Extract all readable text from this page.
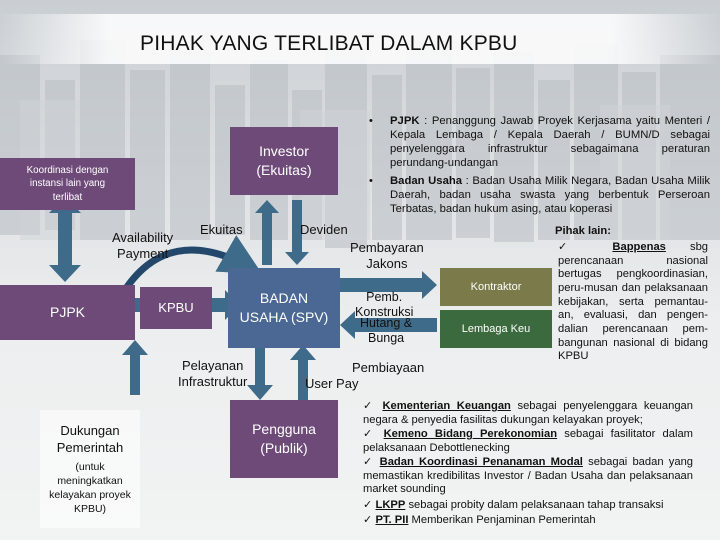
PIHAK YANG TERLIBAT DALAM KPBU
Investor
(Ekuitas)
Koordinasi dengan
instansi lain yang
terlibat
PJPK	KPBU
BADAN
USAHA (SPV)
Pengguna
(Publik)
Dukungan
Pemerintah
(untuk
meningkatkan
kelayakan proyek
KPBU)
Kontraktor
Lembaga Keu
Availability
Payment
Ekuitas	Deviden
Pembayaran
Jakons
Pemb.
Konstruksi
Hutang &
Bunga
Pembiayaan
Pelayanan
Infrastruktur	User Pay
• PJPK : Penanggung Jawab Proyek Kerjasama yaitu Menteri / Kepala Lembaga / Kepala Daerah / BUMN/D sebagai penyelenggara infrastruktur sebagaimana peraturan perundang-undangan
• Badan Usaha : Badan Usaha Milik Negara, Badan Usaha Milik Daerah, badan usaha swasta yang berbentuk Perseroan Terbatas, badan hukum asing, atau koperasi
Pihak lain:
✓ Bappenas sbg perencanaan nasional bertugas pengkoordinasian, peru-musan dan pelaksanaan kebijakan, serta pemantau-an, evaluasi, dan pengen-dalian perencanaan pem-bangunan nasional di bidang KPBU
✓ Kementerian Keuangan sebagai penyelenggara keuangan negara & penyedia fasilitas dukungan kelayakan proyek;
✓ Kemeno Bidang Perekonomian sebagai fasilitator dalam pelaksanaan Debottlenecking
✓ Badan Koordinasi Penanaman Modal sebagai badan yang memastikan kredibilitas Investor / Badan Usaha dan pelaksanaan market sounding
✓ LKPP sebagai probity dalam pelaksanaan tahap transaksi
✓ PT. PII Memberikan Penjaminan Pemerintah
